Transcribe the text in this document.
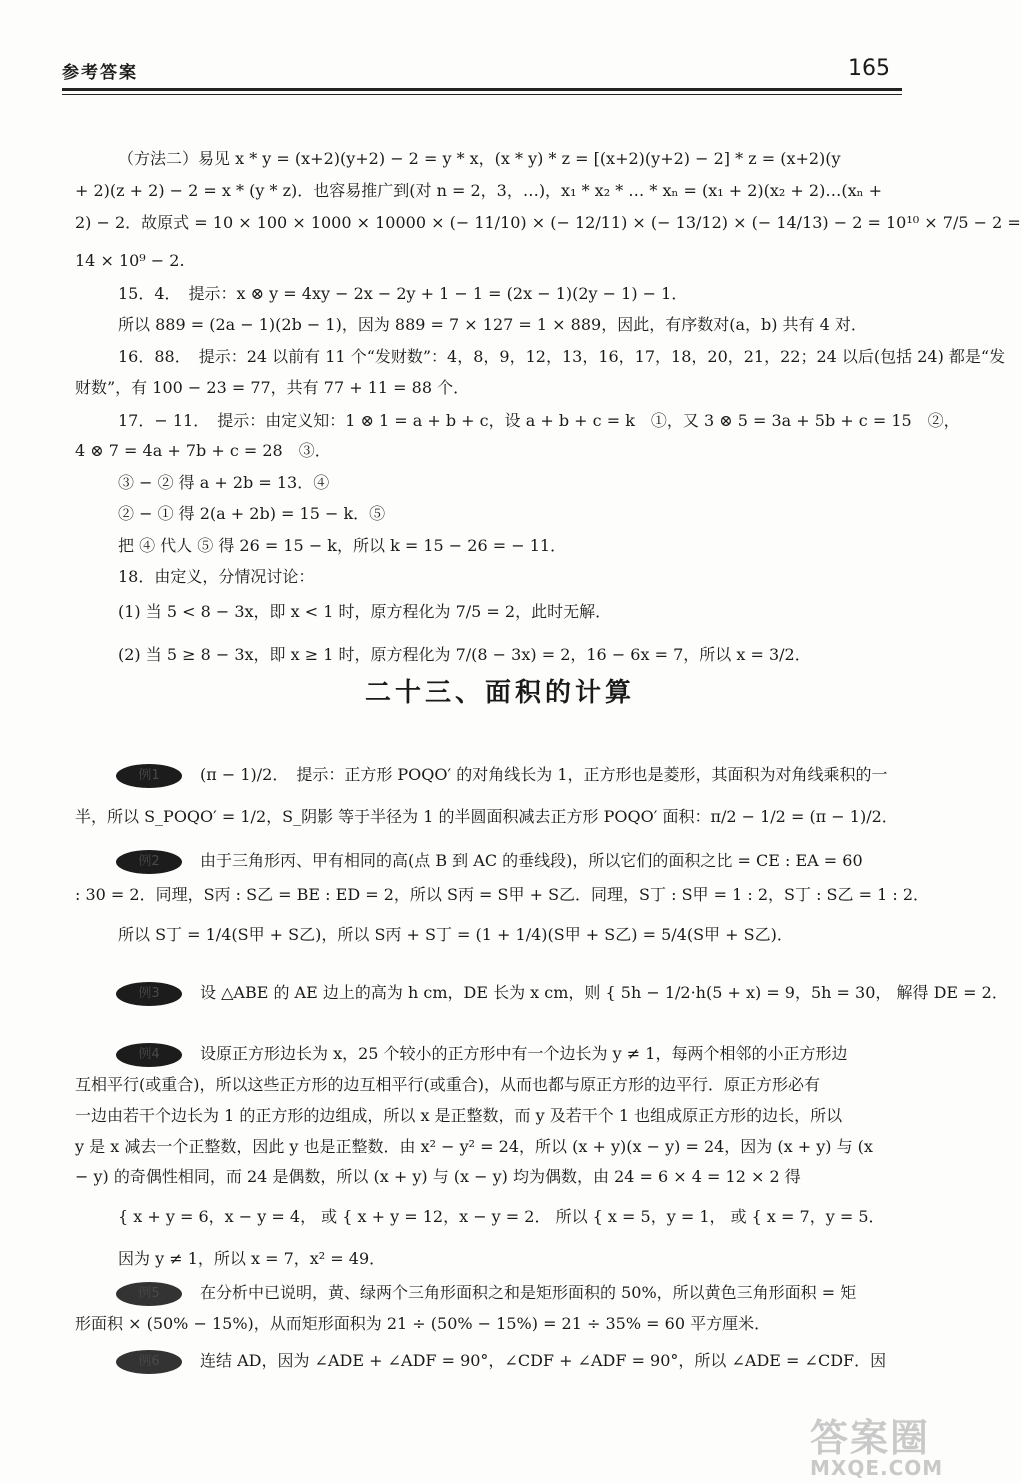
参考答案	165
（方法二）易见 x * y = (x+2)(y+2) − 2 = y * x，(x * y) * z = [(x+2)(y+2) − 2] * z = (x+2)(y
+ 2)(z + 2) − 2 = x * (y * z)．也容易推广到(对 n = 2，3，…)，x₁ * x₂ * … * xₙ = (x₁ + 2)(x₂ + 2)…(xₙ +
2) − 2．故原式 = 10 × 100 × 1000 × 10000 × (− 11/10) × (− 12/11) × (− 13/12) × (− 14/13) − 2 = 10¹⁰ × 7/5 − 2 =
14 × 10⁹ − 2.
15．4．　提示：x ⊗ y = 4xy − 2x − 2y + 1 − 1 = (2x − 1)(2y − 1) − 1．
所以 889 = (2a − 1)(2b − 1)，因为 889 = 7 × 127 = 1 × 889，因此，有序数对(a，b) 共有 4 对．
16．88．　提示：24 以前有 11 个“发财数”：4，8，9，12，13，16，17，18，20，21，22；24 以后(包括 24) 都是“发
财数”，有 100 − 23 = 77，共有 77 + 11 = 88 个．
17．− 11．　提示：由定义知：1 ⊗ 1 = a + b + c，设 a + b + c = k　①，又 3 ⊗ 5 = 3a + 5b + c = 15　②，
4 ⊗ 7 = 4a + 7b + c = 28　③．
③ − ② 得 a + 2b = 13．④
② − ① 得 2(a + 2b) = 15 − k．⑤
把 ④ 代人 ⑤ 得 26 = 15 − k，所以 k = 15 − 26 = − 11．
18．由定义，分情况讨论：
(1) 当 5 < 8 − 3x，即 x < 1 时，原方程化为 7/5 = 2，此时无解．
(2) 当 5 ≥ 8 − 3x，即 x ≥ 1 时，原方程化为 7/(8 − 3x) = 2，16 − 6x = 7，所以 x = 3/2．
二十三、面积的计算
例1	(π − 1)/2．　提示：正方形 POQO′ 的对角线长为 1，正方形也是菱形，其面积为对角线乘积的一
半，所以 S_POQO′ = 1/2，S_阴影 等于半径为 1 的半圆面积减去正方形 POQO′ 面积：π/2 − 1/2 = (π − 1)/2．
例2	由于三角形丙、甲有相同的高(点 B 到 AC 的垂线段)，所以它们的面积之比 = CE : EA = 60
: 30 = 2．同理，S丙 : S乙 = BE : ED = 2，所以 S丙 = S甲 + S乙．同理，S丁 : S甲 = 1 : 2，S丁 : S乙 = 1 : 2．
所以 S丁 = 1/4(S甲 + S乙)，所以 S丙 + S丁 = (1 + 1/4)(S甲 + S乙) = 5/4(S甲 + S乙)．
例3	设 △ABE 的 AE 边上的高为 h cm，DE 长为 x cm，则 { 5h − 1/2·h(5 + x) = 9，5h = 30， 解得 DE = 2．
例4	设原正方形边长为 x，25 个较小的正方形中有一个边长为 y ≠ 1，每两个相邻的小正方形边
互相平行(或重合)，所以这些正方形的边互相平行(或重合)，从而也都与原正方形的边平行．原正方形必有
一边由若干个边长为 1 的正方形的边组成，所以 x 是正整数，而 y 及若干个 1 也组成原正方形的边长，所以
y 是 x 减去一个正整数，因此 y 也是正整数．由 x² − y² = 24，所以 (x + y)(x − y) = 24，因为 (x + y) 与 (x
− y) 的奇偶性相同，而 24 是偶数，所以 (x + y) 与 (x − y) 均为偶数，由 24 = 6 × 4 = 12 × 2 得
{ x + y = 6，x − y = 4， 或 { x + y = 12，x − y = 2． 所以 { x = 5，y = 1， 或 { x = 7，y = 5．
因为 y ≠ 1，所以 x = 7，x² = 49．
例5	在分析中已说明，黄、绿两个三角形面积之和是矩形面积的 50%，所以黄色三角形面积 = 矩
形面积 × (50% − 15%)，从而矩形面积为 21 ÷ (50% − 15%) = 21 ÷ 35% = 60 平方厘米．
例6	连结 AD，因为 ∠ADE + ∠ADF = 90°，∠CDF + ∠ADF = 90°，所以 ∠ADE = ∠CDF．因
答案圈
MXQE.COM
